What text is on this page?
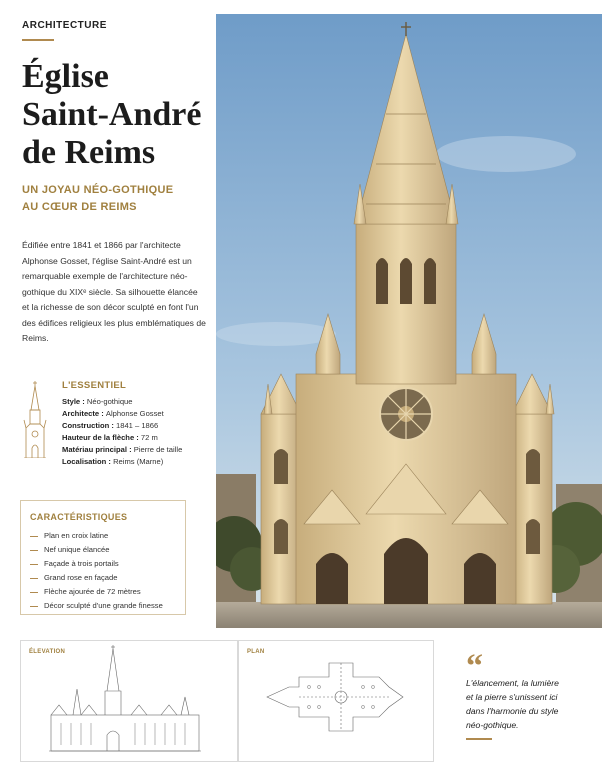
ARCHITECTURE
Église
Saint-André
de Reims
UN JOYAU NÉO-GOTHIQUE
AU CŒUR DE REIMS

Édifiée entre 1841 et 1866 par l'architecte Alphonse Gosset, l'église Saint-André est un remarquable exemple de l'architecture néo-gothique du XIXᵉ siècle. Sa silhouette élancée et la richesse de son décor sculpté en font l'un des édifices religieux les plus emblématiques de Reims.

L'ESSENTIEL
Style : Néo-gothique
Architecte : Alphonse Gosset
Construction : 1841 – 1866
Hauteur de la flèche : 72 m
Matériau principal : Pierre de taille
Localisation : Reims (Marne)
CARACTÉRISTIQUES
Plan en croix latine
Nef unique élancée
Façade à trois portails
Grand rose en façade
Flèche ajourée de 72 mètres
Décor sculpté d'une grande finesse
ÉLEVATION	PLAN	“
L'élancement, la lumière
et la pierre s'unissent ici
dans l'harmonie du style
néo-gothique.
